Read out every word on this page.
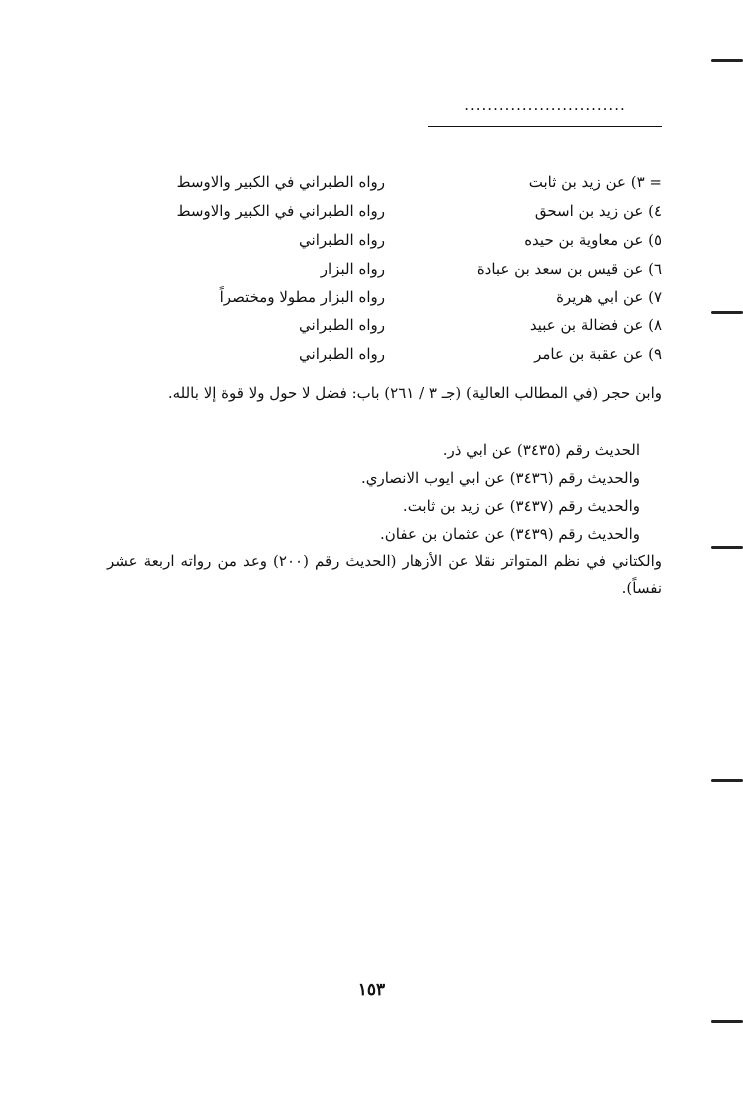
............................
= ٣) عن زيد بن ثابت
رواه الطبراني في الكبير والاوسط
٤) عن زيد بن اسحق
رواه الطبراني في الكبير والاوسط
٥) عن معاوية بن حيده
رواه الطبراني
٦) عن قيس بن سعد بن عبادة
رواه البزار
٧) عن ابي هريرة
رواه البزار مطولا ومختصراً
٨) عن فضالة بن عبيد
رواه الطبراني
٩) عن عقبة بن عامر
رواه الطبراني
وابن حجر (في المطالب العالية) (جـ ٣ / ٢٦١) باب: فضل لا حول ولا قوة إلا بالله.
الحديث رقم (٣٤٣٥) عن ابي ذر.
والحديث رقم (٣٤٣٦) عن ابي ايوب الانصاري.
والحديث رقم (٣٤٣٧) عن زيد بن ثابت.
والحديث رقم (٣٤٣٩) عن عثمان بن عفان.
والكتاني في نظم المتواتر نقلا عن الأزهار (الحديث رقم (٢٠٠) وعد من رواته اربعة عشر نفساً).
١٥٣
